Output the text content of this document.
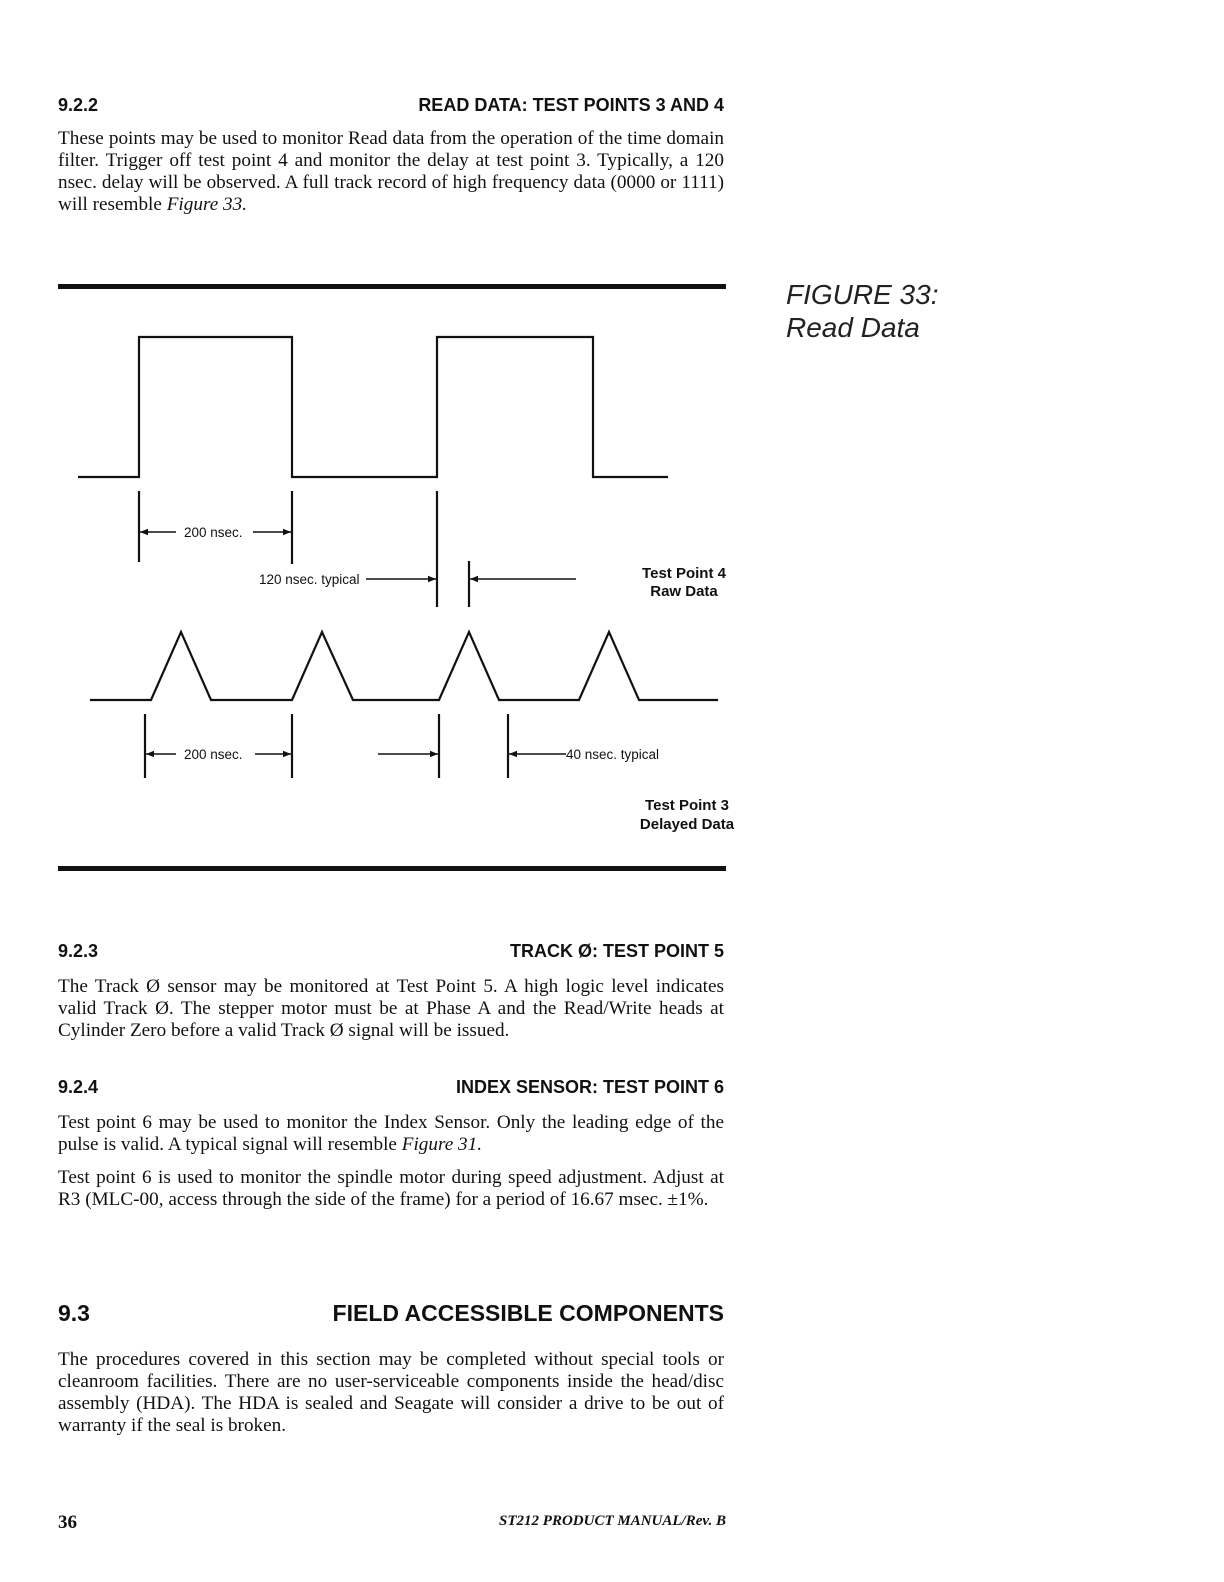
9.2.2	READ DATA: TEST POINTS 3 AND 4

These points may be used to monitor Read data from the operation of the time domain filter. Trigger off test point 4 and monitor the delay at test point 3. Typically, a 120 nsec. delay will be observed. A full track record of high frequency data (0000 or 1111) will resemble Figure 33.

FIGURE 33:
Read Data
200 nsec.
120 nsec. typical	Test Point 4
Raw Data
200 nsec.	40 nsec. typical
Test Point 3
Delayed Data
9.2.3	TRACK Ø: TEST POINT 5

The Track Ø sensor may be monitored at Test Point 5. A high logic level indicates valid Track Ø. The stepper motor must be at Phase A and the Read/Write heads at Cylinder Zero before a valid Track Ø signal will be issued.

9.2.4	INDEX SENSOR: TEST POINT 6

Test point 6 may be used to monitor the Index Sensor. Only the leading edge of the pulse is valid. A typical signal will resemble Figure 31.

Test point 6 is used to monitor the spindle motor during speed adjustment. Adjust at R3 (MLC-00, access through the side of the frame) for a period of 16.67 msec. ±1%.

9.3	FIELD ACCESSIBLE COMPONENTS

The procedures covered in this section may be completed without special tools or cleanroom facilities. There are no user-serviceable components inside the head/disc assembly (HDA). The HDA is sealed and Seagate will consider a drive to be out of warranty if the seal is broken.

36	ST212 PRODUCT MANUAL/Rev. B
